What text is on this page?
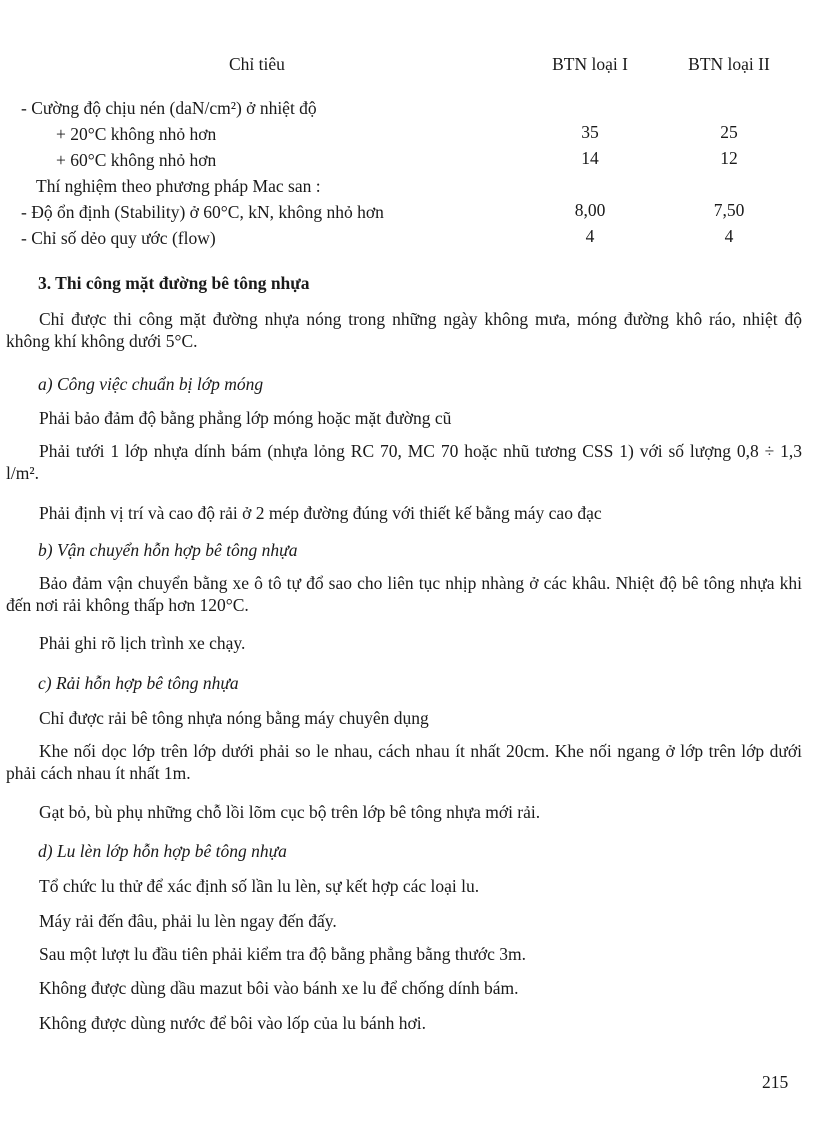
Chỉ tiêu	BTN loại I	BTN loại II
- Cường độ chịu nén (daN/cm²) ở nhiệt độ
+ 20°C không nhỏ hơn	35	25
+ 60°C không nhỏ hơn	14	12
Thí nghiệm theo phương pháp Mac san :
- Độ ổn định (Stability) ở 60°C, kN, không nhỏ hơn	8,00	7,50
- Chỉ số dẻo quy ước (flow)	4	4
3. Thi công mặt đường bê tông nhựa
Chỉ được thi công mặt đường nhựa nóng trong những ngày không mưa, móng đường khô ráo, nhiệt độ không khí không dưới 5°C.
a) Công việc chuẩn bị lớp móng
Phải bảo đảm độ bằng phẳng lớp móng hoặc mặt đường cũ
Phải tưới 1 lớp nhựa dính bám (nhựa lỏng RC 70, MC 70 hoặc nhũ tương CSS 1) với số lượng 0,8 ÷ 1,3 l/m².
Phải định vị trí và cao độ rải ở 2 mép đường đúng với thiết kế bằng máy cao đạc
b) Vận chuyển hỗn hợp bê tông nhựa
Bảo đảm vận chuyển bằng xe ô tô tự đổ sao cho liên tục nhịp nhàng ở các khâu. Nhiệt độ bê tông nhựa khi đến nơi rải không thấp hơn 120°C.
Phải ghi rõ lịch trình xe chạy.
c) Rải hỗn hợp bê tông nhựa
Chỉ được rải bê tông nhựa nóng bằng máy chuyên dụng
Khe nối dọc lớp trên lớp dưới phải so le nhau, cách nhau ít nhất 20cm. Khe nối ngang ở lớp trên lớp dưới phải cách nhau ít nhất 1m.
Gạt bỏ, bù phụ những chỗ lồi lõm cục bộ trên lớp bê tông nhựa mới rải.
d) Lu lèn lớp hỗn hợp bê tông nhựa
Tổ chức lu thử để xác định số lần lu lèn, sự kết hợp các loại lu.
Máy rải đến đâu, phải lu lèn ngay đến đấy.
Sau một lượt lu đầu tiên phải kiểm tra độ bằng phẳng bằng thước 3m.
Không được dùng dầu mazut bôi vào bánh xe lu để chống dính bám.
Không được dùng nước để bôi vào lốp của lu bánh hơi.
215
